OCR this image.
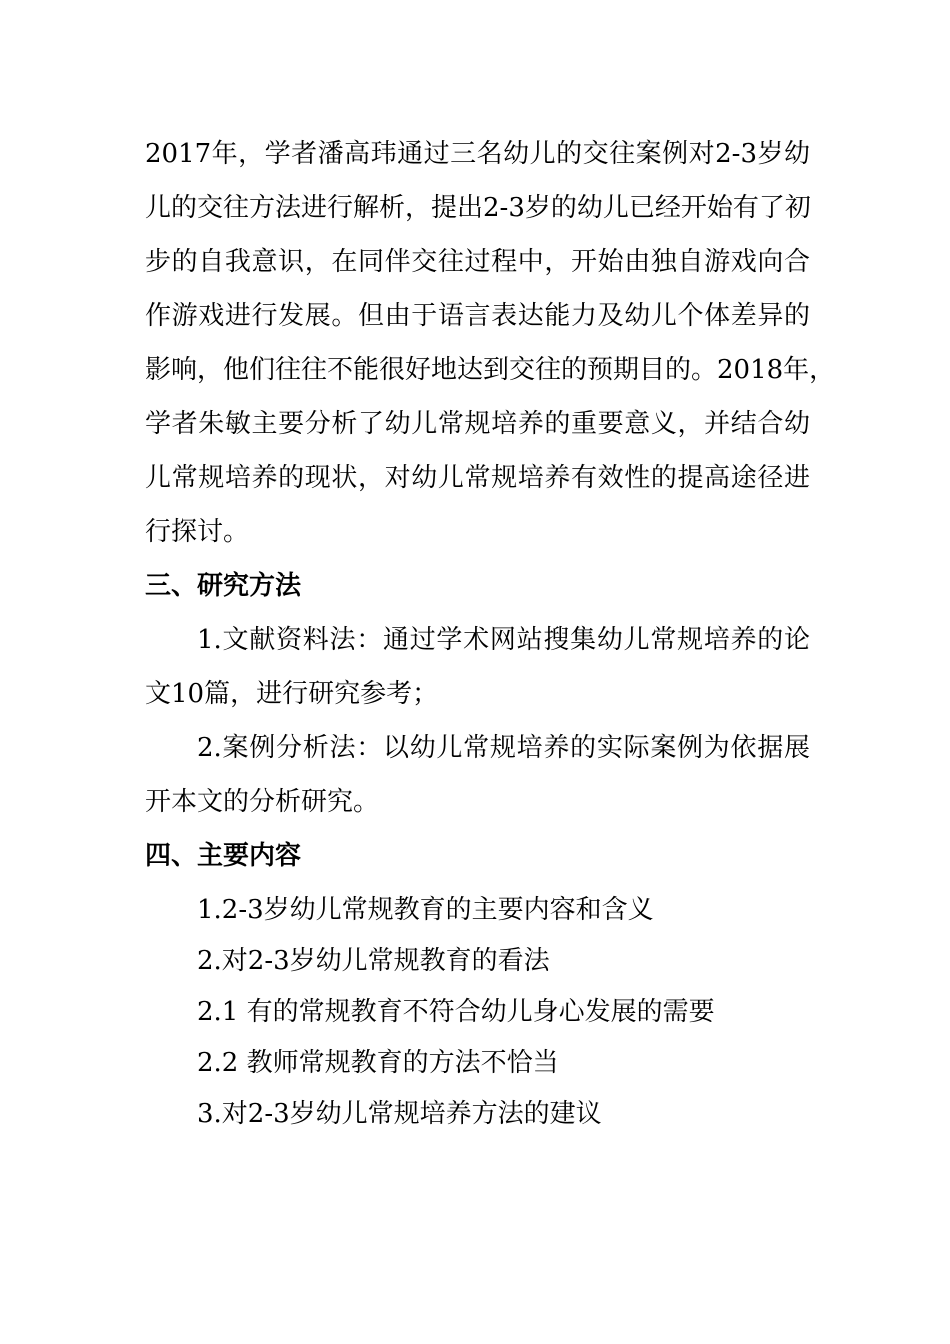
2017年，学者潘高玮通过三名幼儿的交往案例对2-3岁幼
儿的交往方法进行解析，提出2-3岁的幼儿已经开始有了初
步的自我意识，在同伴交往过程中，开始由独自游戏向合
作游戏进行发展。但由于语言表达能力及幼儿个体差异的
影响，他们往往不能很好地达到交往的预期目的。2018年，
学者朱敏主要分析了幼儿常规培养的重要意义，并结合幼
儿常规培养的现状，对幼儿常规培养有效性的提高途径进
行探讨。
三、研究方法
1.文献资料法：通过学术网站搜集幼儿常规培养的论
文10篇，进行研究参考；
2.案例分析法：以幼儿常规培养的实际案例为依据展
开本文的分析研究。
四、主要内容
1.2-3岁幼儿常规教育的主要内容和含义
2.对2-3岁幼儿常规教育的看法
2.1 有的常规教育不符合幼儿身心发展的需要
2.2 教师常规教育的方法不恰当
3.对2-3岁幼儿常规培养方法的建议
